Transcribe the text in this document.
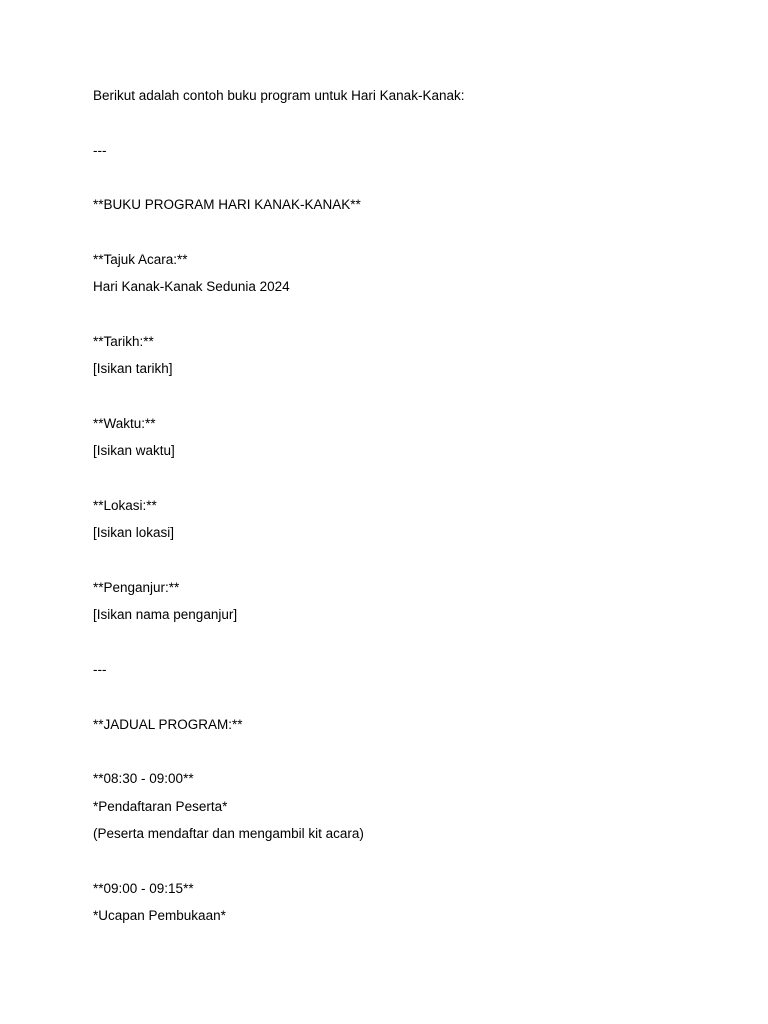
Berikut adalah contoh buku program untuk Hari Kanak-Kanak:
---
**BUKU PROGRAM HARI KANAK-KANAK**
**Tajuk Acara:**
Hari Kanak-Kanak Sedunia 2024
**Tarikh:**
[Isikan tarikh]
**Waktu:**
[Isikan waktu]
**Lokasi:**
[Isikan lokasi]
**Penganjur:**
[Isikan nama penganjur]
---
**JADUAL PROGRAM:**
**08:30 - 09:00**
*Pendaftaran Peserta*
(Peserta mendaftar dan mengambil kit acara)
**09:00 - 09:15**
*Ucapan Pembukaan*
